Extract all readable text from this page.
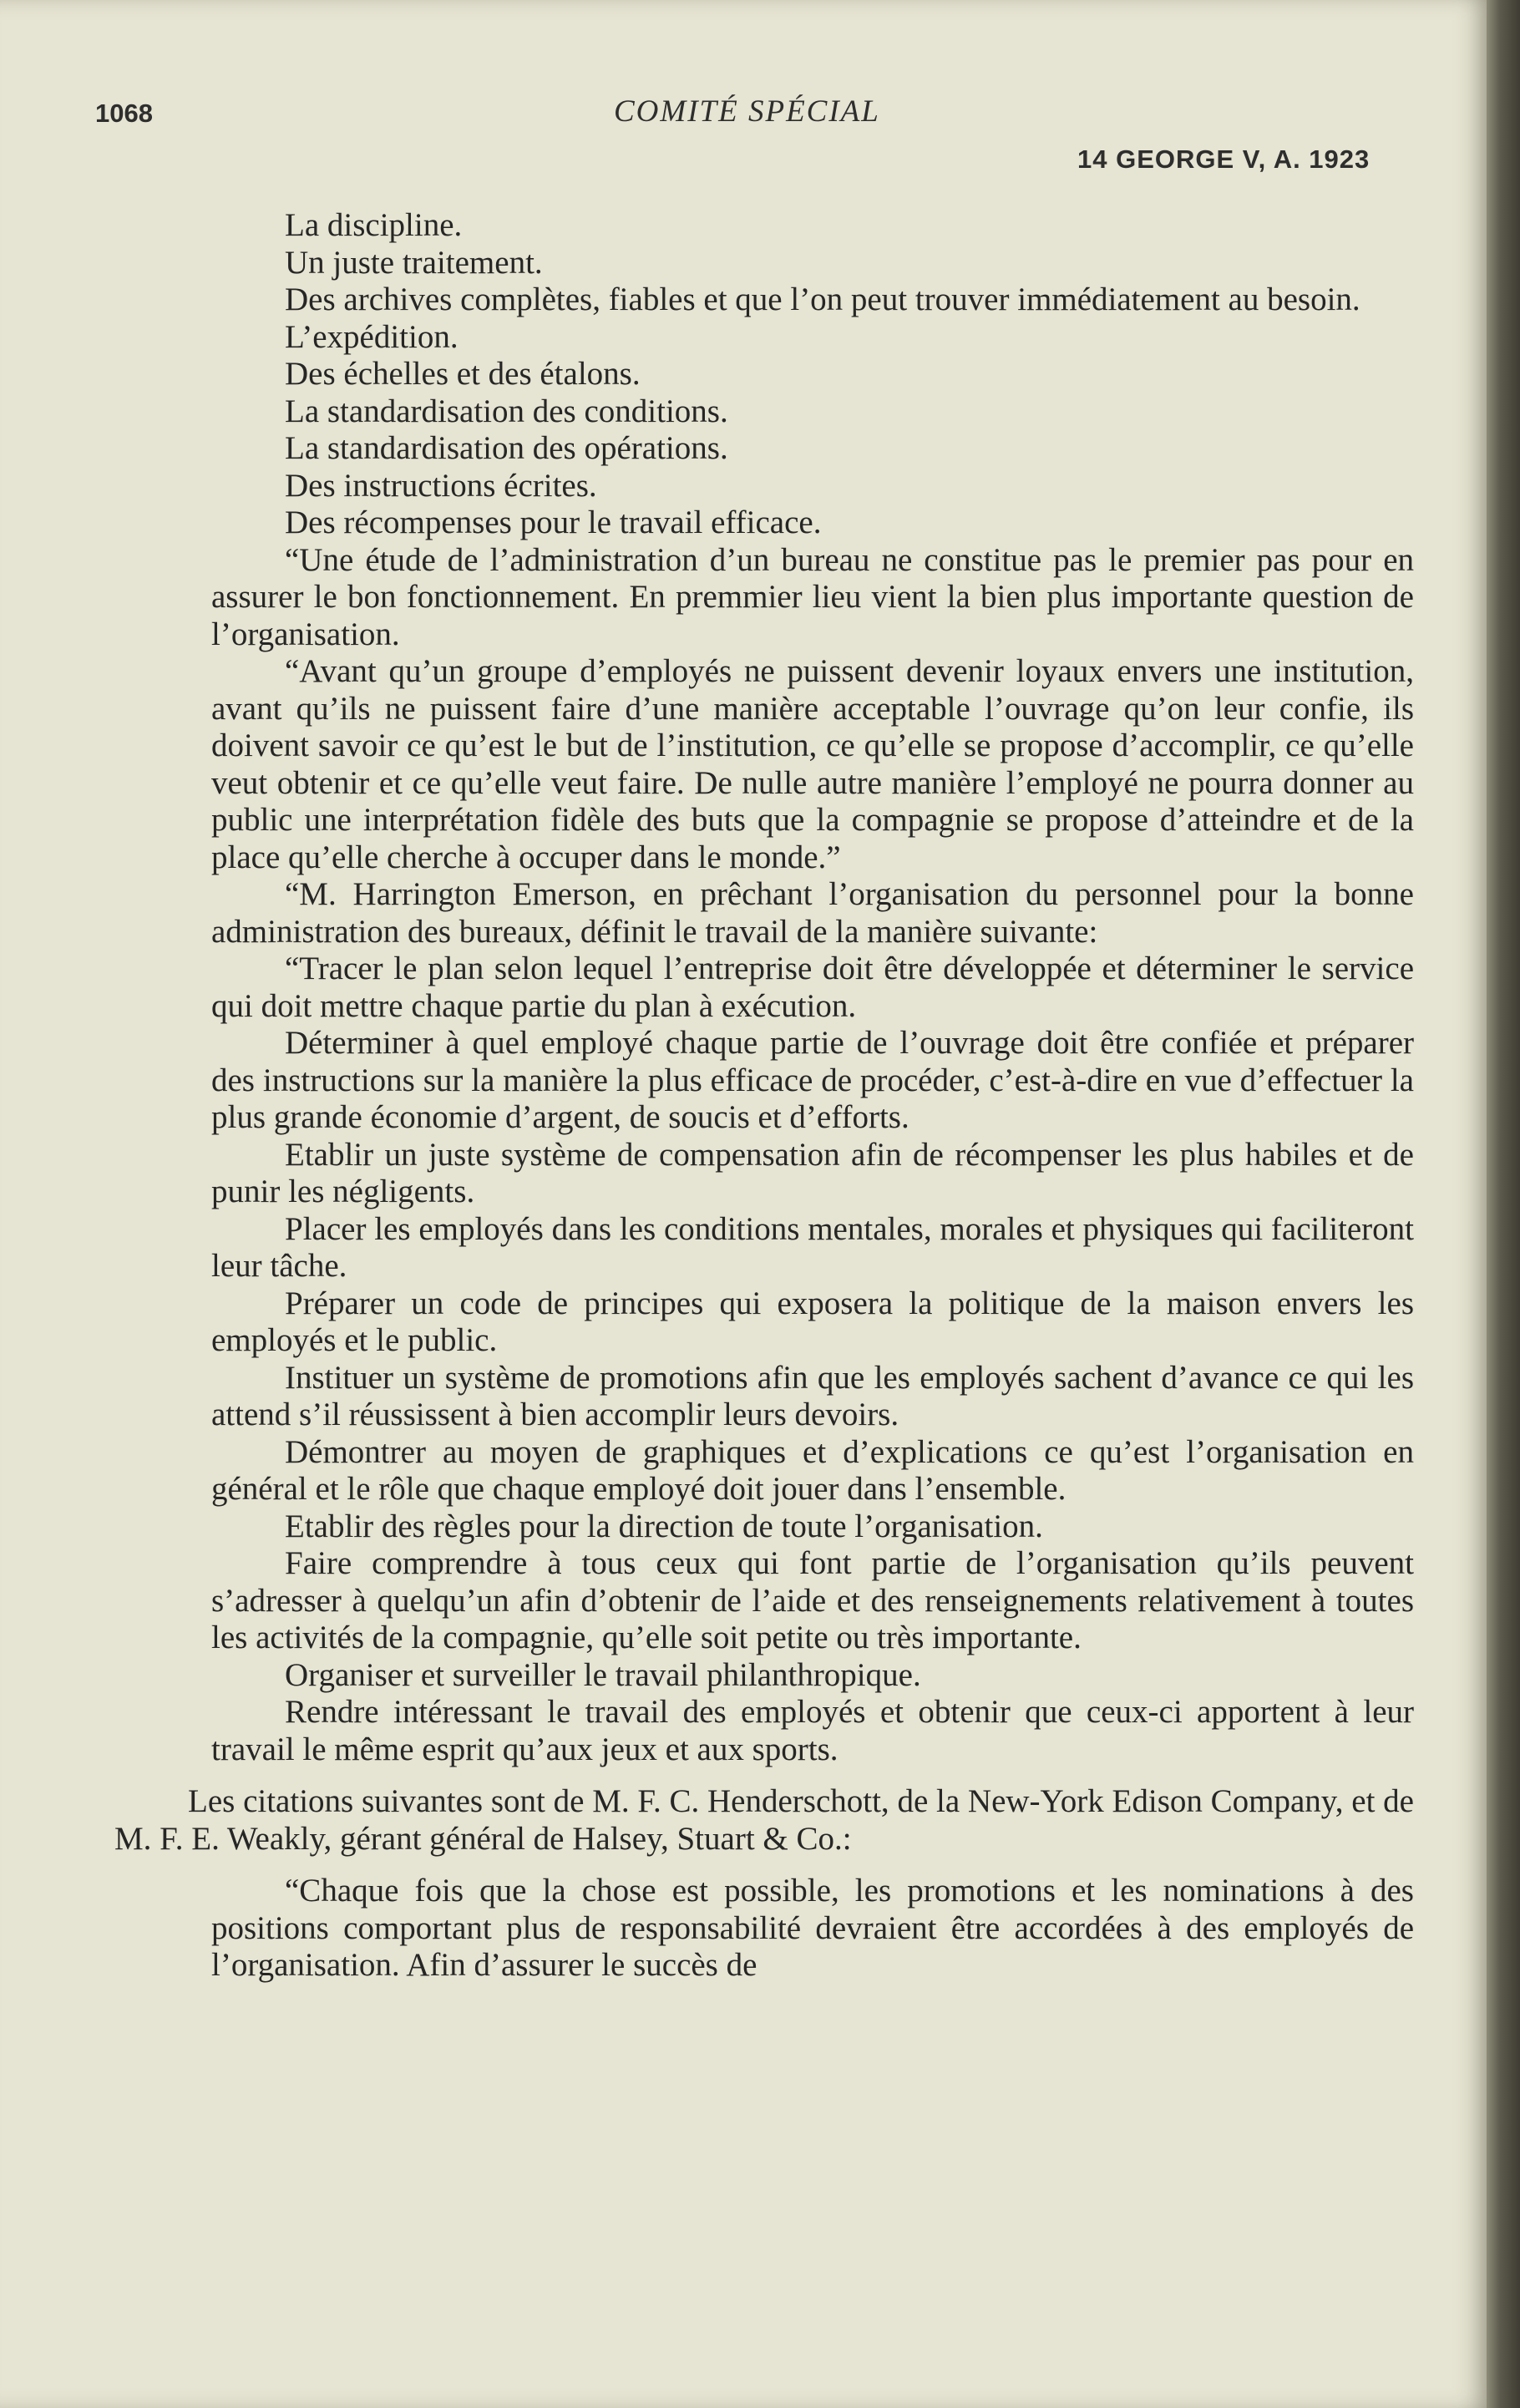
1068	COMITÉ SPÉCIAL

14 GEORGE V, A. 1923

La discipline.

Un juste traitement.

Des archives complètes, fiables et que l’on peut trouver immédiatement au besoin.

L’expédition.

Des échelles et des étalons.

La standardisation des conditions.

La standardisation des opérations.

Des instructions écrites.

Des récompenses pour le travail efficace.

“Une étude de l’administration d’un bureau ne constitue pas le premier pas pour en assurer le bon fonctionnement. En premmier lieu vient la bien plus importante question de l’organisation.

“Avant qu’un groupe d’employés ne puissent devenir loyaux envers une institution, avant qu’ils ne puissent faire d’une manière acceptable l’ouvrage qu’on leur confie, ils doivent savoir ce qu’est le but de l’institution, ce qu’elle se propose d’accomplir, ce qu’elle veut obtenir et ce qu’elle veut faire. De nulle autre manière l’employé ne pourra donner au public une interprétation fidèle des buts que la compagnie se propose d’atteindre et de la place qu’elle cherche à occuper dans le monde.”

“M. Harrington Emerson, en prêchant l’organisation du personnel pour la bonne administration des bureaux, définit le travail de la manière suivante:

“Tracer le plan selon lequel l’entreprise doit être développée et déterminer le service qui doit mettre chaque partie du plan à exécution.

Déterminer à quel employé chaque partie de l’ouvrage doit être confiée et préparer des instructions sur la manière la plus efficace de procéder, c’est-à-dire en vue d’effectuer la plus grande économie d’argent, de soucis et d’efforts.

Etablir un juste système de compensation afin de récompenser les plus habiles et de punir les négligents.

Placer les employés dans les conditions mentales, morales et physiques qui faciliteront leur tâche.

Préparer un code de principes qui exposera la politique de la maison envers les employés et le public.

Instituer un système de promotions afin que les employés sachent d’avance ce qui les attend s’il réussissent à bien accomplir leurs devoirs.

Démontrer au moyen de graphiques et d’explications ce qu’est l’organisation en général et le rôle que chaque employé doit jouer dans l’ensemble.

Etablir des règles pour la direction de toute l’organisation.

Faire comprendre à tous ceux qui font partie de l’organisation qu’ils peuvent s’adresser à quelqu’un afin d’obtenir de l’aide et des renseignements relativement à toutes les activités de la compagnie, qu’elle soit petite ou très importante.

Organiser et surveiller le travail philanthropique.

Rendre intéressant le travail des employés et obtenir que ceux-ci apportent à leur travail le même esprit qu’aux jeux et aux sports.

Les citations suivantes sont de M. F. C. Henderschott, de la New-York Edison Company, et de M. F. E. Weakly, gérant général de Halsey, Stuart & Co.:

“Chaque fois que la chose est possible, les promotions et les nominations à des positions comportant plus de responsabilité devraient être accordées à des employés de l’organisation. Afin d’assurer le succès de
